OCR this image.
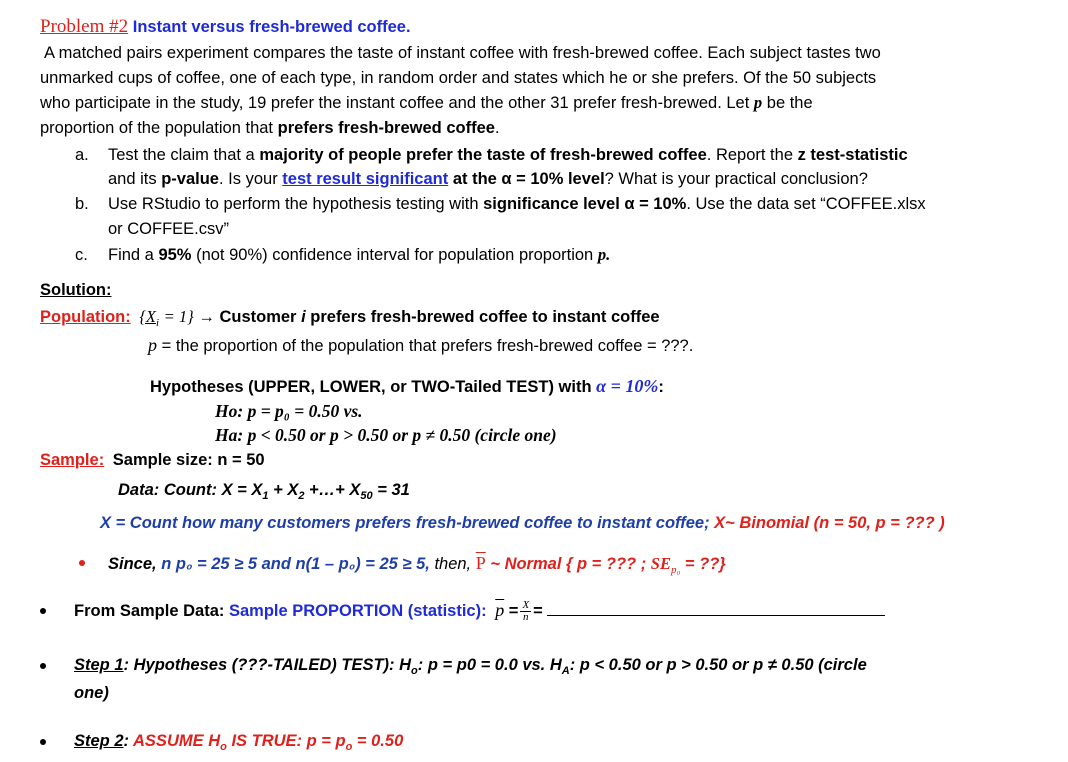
Problem #2 Instant versus fresh-brewed coffee.
A matched pairs experiment compares the taste of instant coffee with fresh-brewed coffee. Each subject tastes two
unmarked cups of coffee, one of each type, in random order and states which he or she prefers. Of the 50 subjects
who participate in the study, 19 prefer the instant coffee and the other 31 prefer fresh-brewed. Let p be the
proportion of the population that prefers fresh-brewed coffee.
a. Test the claim that a majority of people prefer the taste of fresh-brewed coffee. Report the z test-statistic
and its p-value. Is your test result significant at the α = 10% level? What is your practical conclusion?
b. Use RStudio to perform the hypothesis testing with significance level α = 10%. Use the data set “COFFEE.xlsx
or COFFEE.csv”
c. Find a 95% (not 90%) confidence interval for population proportion p.
Solution:
Population: $\{X_i = 1\}$ → Customer i prefers fresh-brewed coffee to instant coffee
p = the proportion of the population that prefers fresh-brewed coffee = ???.
Hypotheses (UPPER, LOWER, or TWO-Tailed TEST) with α = 10%:
Ho: p = p₀ = 0.50 vs.
Ha: p < 0.50 or p > 0.50 or p ≠ 0.50 (circle one)
Sample: Sample size: n = 50
Data: Count: $X = X_1 + X_2$ +…+ $X_{50} = 31$
X = Count how many customers prefers fresh-brewed coffee to instant coffee; X~ Binomial (n = 50, p = ??? )
Since, n p₀ = 25 ≥ 5 and n(1 – p₀) = 25 ≥ 5, then, $\overline{P}$ ~ Normal { p = ??? ; $SE_{p_0}$ = ??}
From Sample Data: Sample PROPORTION (statistic): $\overline{p} = \frac{X}{n}$ =
Step 1: Hypotheses (???-TAILED) TEST): $H_o$: p = p0 = 0.0 vs. $H_A$: p < 0.50 or p > 0.50 or p ≠ 0.50 (circle
one)
Step 2: ASSUME $H_o$ IS TRUE: $p = p_o = 0.50$
